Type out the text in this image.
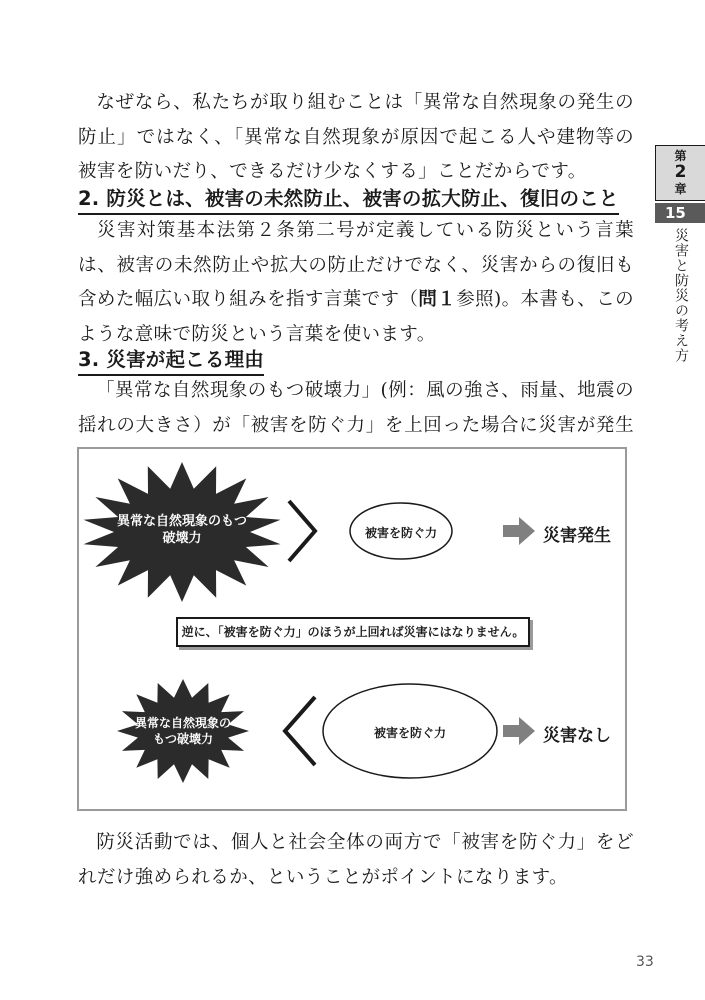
なぜなら、私たちが取り組むことは「異常な自然現象の発生の防止」ではなく、「異常な自然現象が原因で起こる人や建物等の被害を防いだり、できるだけ少なくする」ことだからです。

2. 防災とは、被害の未然防止、被害の拡大防止、復旧のこと

災害対策基本法第２条第二号が定義している防災という言葉は、被害の未然防止や拡大の防止だけでなく、災害からの復旧も含めた幅広い取り組みを指す言葉です（問１参照)。本書も、このような意味で防災という言葉を使います。

3. 災害が起こる理由

「異常な自然現象のもつ破壊力」(例：風の強さ、雨量、地震の揺れの大きさ）が「被害を防ぐ力」を上回った場合に災害が発生

異常な自然現象のもつ
破壊力	被害を防ぐ力	災害発生
逆に、「被害を防ぐ力」のほうが上回れば災害にはなりません。
異常な自然現象の
もつ破壊力	被害を防ぐ力	災害なし

防災活動では、個人と社会全体の両方で「被害を防ぐ力」をどれだけ強められるか、ということがポイントになります。

第
2
章
15
災害と防災の考え方
33
